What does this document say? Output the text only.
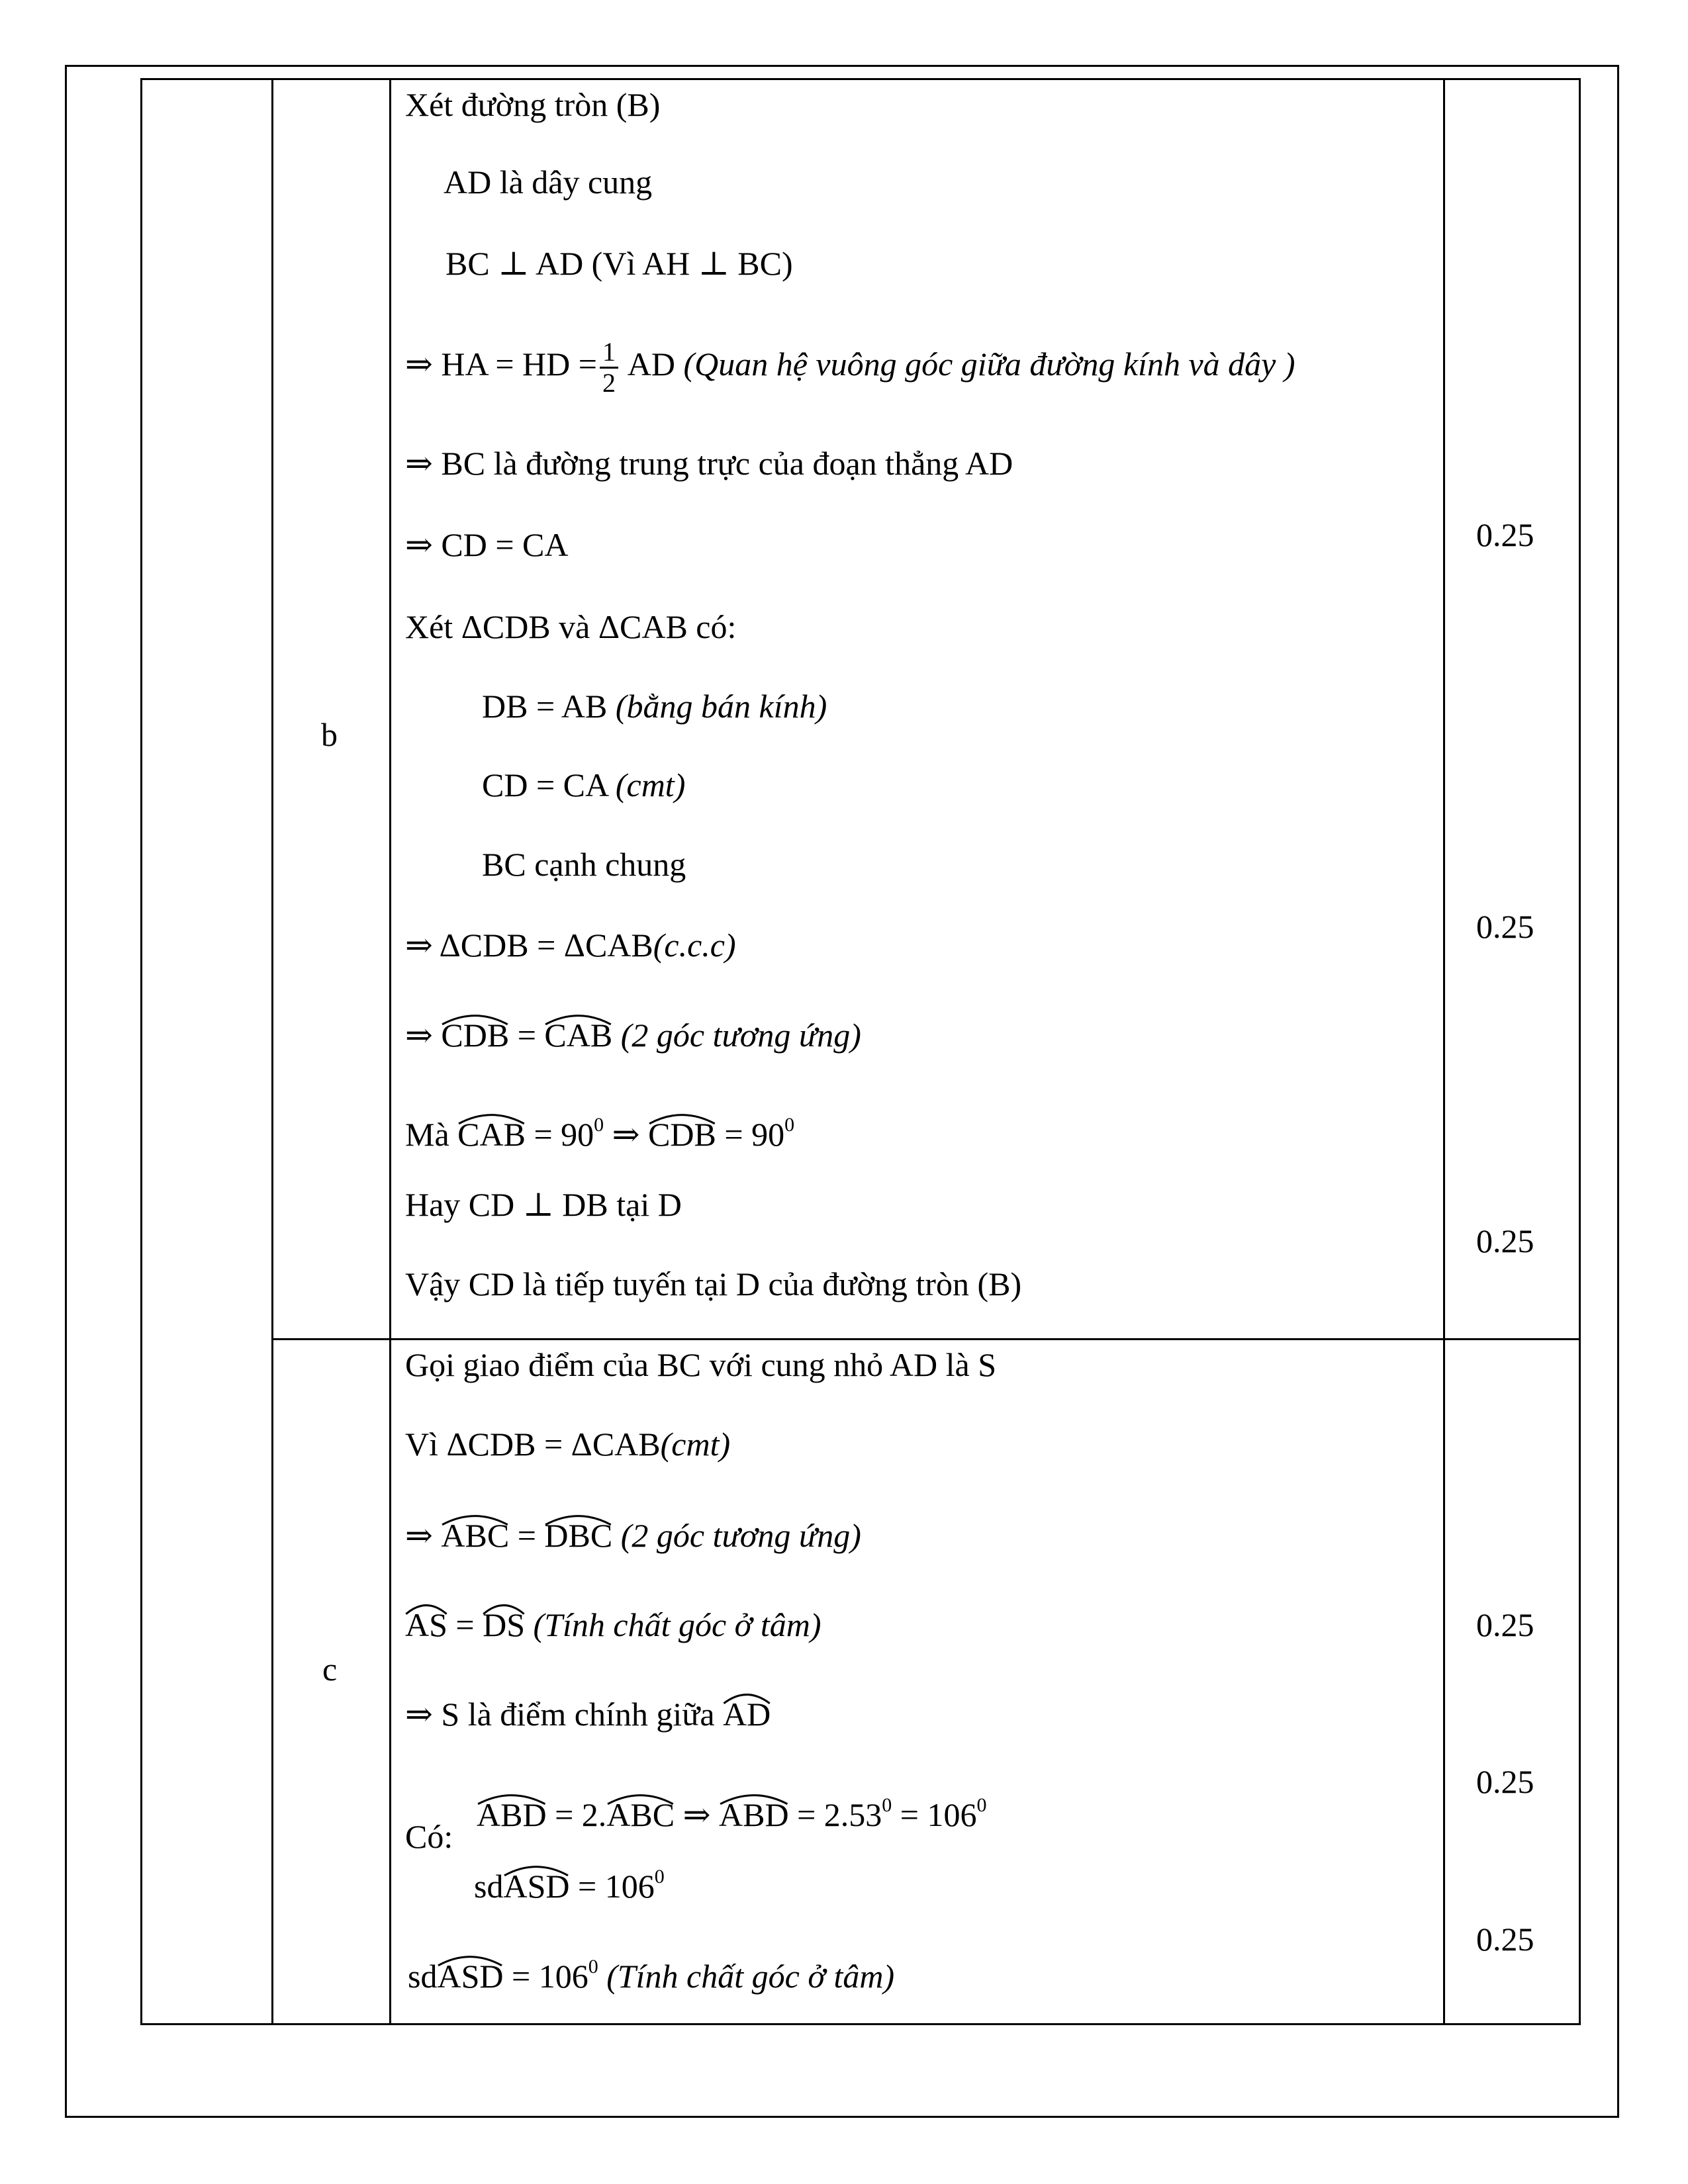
b
c
Xét đường tròn (B)
AD là dây cung
BC ⊥ AD (Vì AH ⊥ BC)
⇒ HA = HD = $\frac{1}{2}$ AD (Quan hệ vuông góc giữa đường kính và dây )
⇒ BC là đường trung trực của đoạn thẳng AD
⇒ CD = CA
Xét ΔCDB và ΔCAB có:
DB = AB (bằng bán kính)
CD = CA (cmt)
BC cạnh chung
⇒ ΔCDB = ΔCAB(c.c.c)
⇒
CDB =
CAB (2 góc tương ứng)
Mà
CAB = $90^0$ ⇒
CDB = $90^0$
Hay CD ⊥ DB tại D
Vậy CD là tiếp tuyến tại D của đường tròn (B)
Gọi giao điểm của BC với cung nhỏ AD là S
Vì ΔCDB = ΔCAB(cmt)
⇒
ABC =
DBC (2 góc tương ứng)
AS =
DS (Tính chất góc ở tâm)
⇒ S là điểm chính giữa
AD
Có:
ABD = 2.
ABC ⇒
ABD = $2.53^0 = 106^0$
sd
ASD = $106^0$
sd
ASD = $106^0$ (Tính chất góc ở tâm)
0.25
0.25
0.25
0.25
0.25
0.25
